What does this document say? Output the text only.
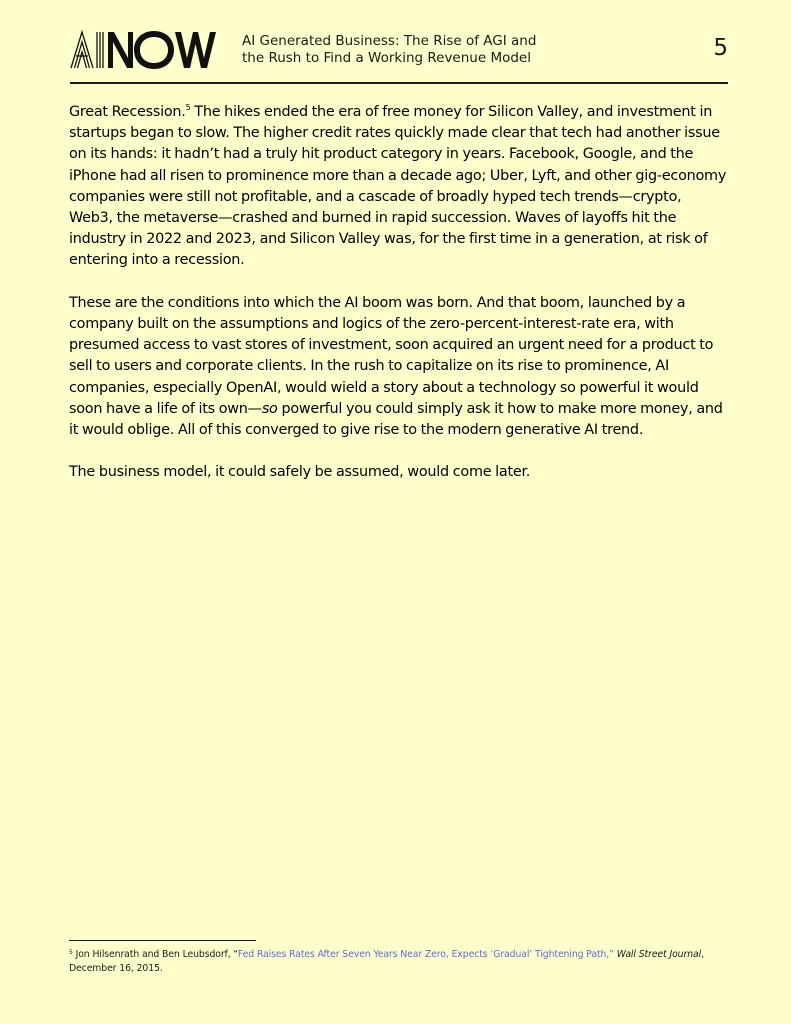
AI Generated Business: The Rise of AGI and
the Rush to Find a Working Revenue Model	5

Great Recession.$^5$ The hikes ended the era of free money for Silicon Valley, and investment in startups began to slow. The higher credit rates quickly made clear that tech had another issue on its hands: it hadn’t had a truly hit product category in years. Facebook, Google, and the iPhone had all risen to prominence more than a decade ago; Uber, Lyft, and other gig-economy companies were still not profitable, and a cascade of broadly hyped tech trends—crypto, Web3, the metaverse—crashed and burned in rapid succession. Waves of layoffs hit the industry in 2022 and 2023, and Silicon Valley was, for the first time in a generation, at risk of entering into a recession.

These are the conditions into which the AI boom was born. And that boom, launched by a company built on the assumptions and logics of the zero-percent-interest-rate era, with presumed access to vast stores of investment, soon acquired an urgent need for a product to sell to users and corporate clients. In the rush to capitalize on its rise to prominence, AI companies, especially OpenAI, would wield a story about a technology so powerful it would soon have a life of its own—so powerful you could simply ask it how to make more money, and it would oblige. All of this converged to give rise to the modern generative AI trend.

The business model, it could safely be assumed, would come later.

$^5$ Jon Hilsenrath and Ben Leubsdorf, “Fed Raises Rates After Seven Years Near Zero, Expects ‘Gradual’ Tightening Path,” Wall Street Journal, December 16, 2015.
